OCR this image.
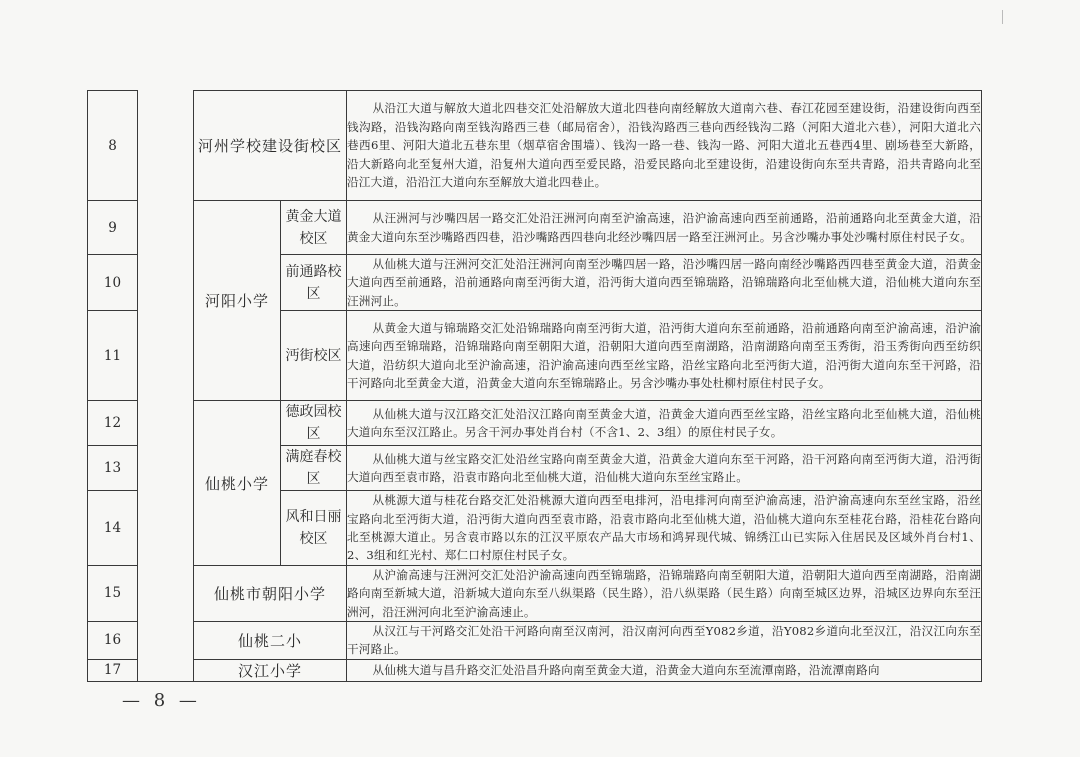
8		河州学校建设街校区		从沿江大道与解放大道北四巷交汇处沿解放大道北四巷向南经解放大道南六巷、春江花园至建设街，沿建设街向西至钱沟路，沿钱沟路向南至钱沟路西三巷（邮局宿舍），沿钱沟路西三巷向西经钱沟二路（河阳大道北六巷），河阳大道北六巷西6里、河阳大道北五巷东里（烟草宿舍围墙）、钱沟一路一巷、钱沟一路、河阳大道北五巷西4里、剧场巷至大新路，沿大新路向北至复州大道，沿复州大道向西至爱民路，沿爱民路向北至建设街，沿建设街向东至共青路，沿共青路向北至沿江大道，沿沿江大道向东至解放大道北四巷止。

9		河阳小学	黄金大道校区	从汪洲河与沙嘴四居一路交汇处沿汪洲河向南至沪渝高速，沿沪渝高速向西至前通路，沿前通路向北至黄金大道，沿黄金大道向东至沙嘴路西四巷，沿沙嘴路西四巷向北经沙嘴四居一路至汪洲河止。另含沙嘴办事处沙嘴村原住村民子女。

10			前通路校区	从仙桃大道与汪洲河交汇处沿汪洲河向南至沙嘴四居一路，沿沙嘴四居一路向南经沙嘴路西四巷至黄金大道，沿黄金大道向西至前通路，沿前通路向南至沔街大道，沿沔街大道向西至锦瑞路，沿锦瑞路向北至仙桃大道，沿仙桃大道向东至汪洲河止。

11			沔街校区	从黄金大道与锦瑞路交汇处沿锦瑞路向南至沔街大道，沿沔街大道向东至前通路，沿前通路向南至沪渝高速，沿沪渝高速向西至锦瑞路，沿锦瑞路向南至朝阳大道，沿朝阳大道向西至南湖路，沿南湖路向南至玉秀街，沿玉秀街向西至纺织大道，沿纺织大道向北至沪渝高速，沿沪渝高速向西至丝宝路，沿丝宝路向北至沔街大道，沿沔街大道向东至干河路，沿干河路向北至黄金大道，沿黄金大道向东至锦瑞路止。另含沙嘴办事处杜柳村原住村民子女。

12		仙桃小学	德政园校区	从仙桃大道与汉江路交汇处沿汉江路向南至黄金大道，沿黄金大道向西至丝宝路，沿丝宝路向北至仙桃大道，沿仙桃大道向东至汉江路止。另含干河办事处肖台村（不含1、2、3组）的原住村民子女。

13			满庭春校区	从仙桃大道与丝宝路交汇处沿丝宝路向南至黄金大道，沿黄金大道向东至干河路，沿干河路向南至沔街大道，沿沔街大道向西至袁市路，沿袁市路向北至仙桃大道，沿仙桃大道向东至丝宝路止。

14			风和日丽校区	从桃源大道与桂花台路交汇处沿桃源大道向西至电排河，沿电排河向南至沪渝高速，沿沪渝高速向东至丝宝路，沿丝宝路向北至沔街大道，沿沔街大道向西至袁市路，沿袁市路向北至仙桃大道，沿仙桃大道向东至桂花台路，沿桂花台路向北至桃源大道止。另含袁市路以东的江汉平原农产品大市场和鸿昇现代城、锦绣江山已实际入住居民及区域外肖台村1、2、3组和红光村、郑仁口村原住村民子女。

15		仙桃市朝阳小学		从沪渝高速与汪洲河交汇处沿沪渝高速向西至锦瑞路，沿锦瑞路向南至朝阳大道，沿朝阳大道向西至南湖路，沿南湖路向南至新城大道，沿新城大道向东至八纵渠路（民生路），沿八纵渠路（民生路）向南至城区边界，沿城区边界向东至汪洲河，沿汪洲河向北至沪渝高速止。

16		仙桃二小		从汉江与干河路交汇处沿干河路向南至汉南河，沿汉南河向西至Y082乡道，沿Y082乡道向北至汉江，沿汉江向东至干河路止。

17		汉江小学		从仙桃大道与昌升路交汇处沿昌升路向南至黄金大道，沿黄金大道向东至流潭南路，沿流潭南路向
— 8 —
